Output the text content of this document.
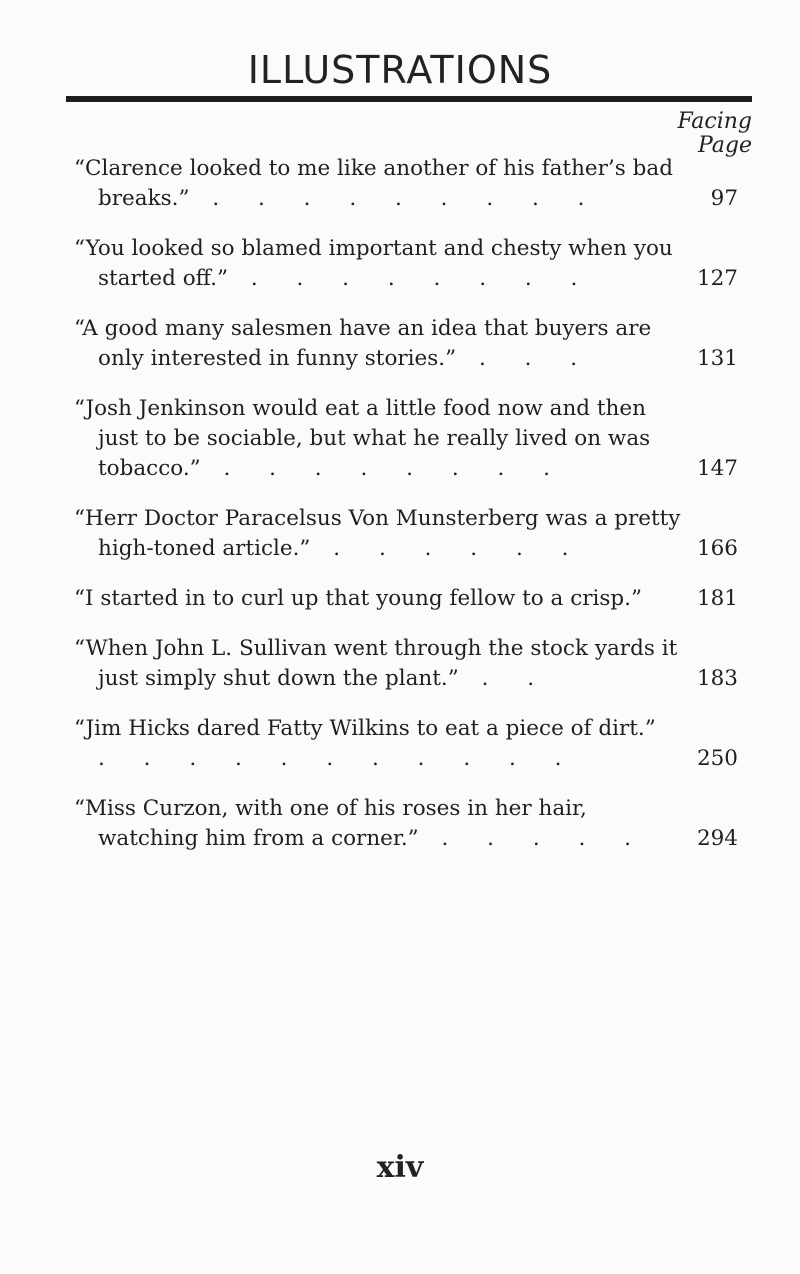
ILLUSTRATIONS
Facing
Page
“Clarence looked to me like another of his father’s bad breaks.” . . . . . . . . .	97
“You looked so blamed important and chesty when you started off.” . . . . . . . .	127
“A good many salesmen have an idea that buyers are only interested in funny stories.” . . .	131
“Josh Jenkinson would eat a little food now and then just to be sociable, but what he really lived on was tobacco.” . . . . . . . .	147
“Herr Doctor Paracelsus Von Munsterberg was a pretty high-toned article.” . . . . . .	166
“I started in to curl up that young fellow to a crisp.”	181
“When John L. Sullivan went through the stock yards it just simply shut down the plant.” . .	183
“Jim Hicks dared Fatty Wilkins to eat a piece of dirt.” . . . . . . . . . . .	250
“Miss Curzon, with one of his roses in her hair, watching him from a corner.” . . . . .	294
xiv
